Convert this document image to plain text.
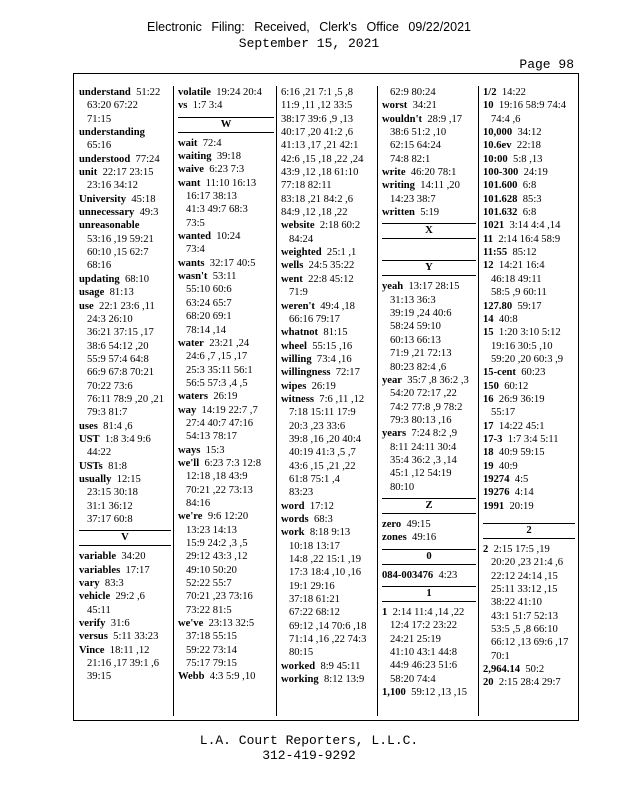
Electronic Filing: Received, Clerk's Office 09/22/2021
September 15, 2021
Page 98
understand 51:22
63:20 67:22
71:15
understanding
65:16
understood 77:24
unit 22:17 23:15
23:16 34:12
University 45:18
unnecessary 49:3
unreasonable
53:16 ,19 59:21
60:10 ,15 62:7
68:16
updating 68:10
usage 81:13
use 22:1 23:6 ,11
24:3 26:10
36:21 37:15 ,17
38:6 54:12 ,20
55:9 57:4 64:8
66:9 67:8 70:21
70:22 73:6
76:11 78:9 ,20 ,21
79:3 81:7
uses 81:4 ,6
UST 1:8 3:4 9:6
44:22
USTs 81:8
usually 12:15
23:15 30:18
31:1 36:12
37:17 60:8
V
variable 34:20
variables 17:17
vary 83:3
vehicle 29:2 ,6
45:11
verify 31:6
versus 5:11 33:23
Vince 18:11 ,12
21:16 ,17 39:1 ,6
39:15
volatile 19:24 20:4
vs 1:7 3:4
W
wait 72:4
waiting 39:18
waive 6:23 7:3
want 11:10 16:13
16:17 38:13
41:3 49:7 68:3
73:5
wanted 10:24
73:4
wants 32:17 40:5
wasn't 53:11
55:10 60:6
63:24 65:7
68:20 69:1
78:14 ,14
water 23:21 ,24
24:6 ,7 ,15 ,17
25:3 35:11 56:1
56:5 57:3 ,4 ,5
waters 26:19
way 14:19 22:7 ,7
27:4 40:7 47:16
54:13 78:17
ways 15:3
we'll 6:23 7:3 12:8
12:18 ,18 43:9
70:21 ,22 73:13
84:16
we're 9:6 12:20
13:23 14:13
15:9 24:2 ,3 ,5
29:12 43:3 ,12
49:10 50:20
52:22 55:7
70:21 ,23 73:16
73:22 81:5
we've 23:13 32:5
37:18 55:15
59:22 73:14
75:17 79:15
Webb 4:3 5:9 ,10
6:16 ,21 7:1 ,5 ,8
11:9 ,11 ,12 33:5
38:17 39:6 ,9 ,13
40:17 ,20 41:2 ,6
41:13 ,17 ,21 42:1
42:6 ,15 ,18 ,22 ,24
43:9 ,12 ,18 61:10
77:18 82:11
83:18 ,21 84:2 ,6
84:9 ,12 ,18 ,22
website 2:18 60:2
84:24
weighted 25:1 ,1
wells 24:5 35:22
went 22:8 45:12
71:9
weren't 49:4 ,18
66:16 79:17
whatnot 81:15
wheel 55:15 ,16
willing 73:4 ,16
willingness 72:17
wipes 26:19
witness 7:6 ,11 ,12
7:18 15:11 17:9
20:3 ,23 33:6
39:8 ,16 ,20 40:4
40:19 41:3 ,5 ,7
43:6 ,15 ,21 ,22
61:8 75:1 ,4
83:23
word 17:12
words 68:3
work 8:18 9:13
10:18 13:17
14:8 ,22 15:1 ,19
17:3 18:4 ,10 ,16
19:1 29:16
37:18 61:21
67:22 68:12
69:12 ,14 70:6 ,18
71:14 ,16 ,22 74:3
80:15
worked 8:9 45:11
working 8:12 13:9
62:9 80:24
worst 34:21
wouldn't 28:9 ,17
38:6 51:2 ,10
62:15 64:24
74:8 82:1
write 46:20 78:1
writing 14:11 ,20
14:23 38:7
written 5:19
X
Y
yeah 13:17 28:15
31:13 36:3
39:19 ,24 40:6
58:24 59:10
60:13 66:13
71:9 ,21 72:13
80:23 82:4 ,6
year 35:7 ,8 36:2 ,3
54:20 72:17 ,22
74:2 77:8 ,9 78:2
79:3 80:13 ,16
years 7:24 8:2 ,9
8:11 24:11 30:4
35:4 36:2 ,3 ,14
45:1 ,12 54:19
80:10
Z
zero 49:15
zones 49:16
0
084-003476 4:23
1
1 2:14 11:4 ,14 ,22
12:4 17:2 23:22
24:21 25:19
41:10 43:1 44:8
44:9 46:23 51:6
58:20 74:4
1,100 59:12 ,13 ,15
1/2 14:22
10 19:16 58:9 74:4
74:4 ,6
10,000 34:12
10.6ev 22:18
10:00 5:8 ,13
100-300 24:19
101.600 6:8
101.628 85:3
101.632 6:8
1021 3:14 4:4 ,14
11 2:14 16:4 58:9
11:55 85:12
12 14:21 16:4
46:18 49:11
58:5 ,9 60:11
127.80 59:17
14 40:8
15 1:20 3:10 5:12
19:16 30:5 ,10
59:20 ,20 60:3 ,9
15-cent 60:23
150 60:12
16 26:9 36:19
55:17
17 14:22 45:1
17-3 1:7 3:4 5:11
18 40:9 59:15
19 40:9
19274 4:5
19276 4:14
1991 20:19
2
2 2:15 17:5 ,19
20:20 ,23 21:4 ,6
22:12 24:14 ,15
25:11 33:12 ,15
38:22 41:10
43:1 51:7 52:13
53:5 ,5 ,8 66:10
66:12 ,13 69:6 ,17
70:1
2,964.14 50:2
20 2:15 28:4 29:7
L.A. Court Reporters, L.L.C.
312-419-9292
